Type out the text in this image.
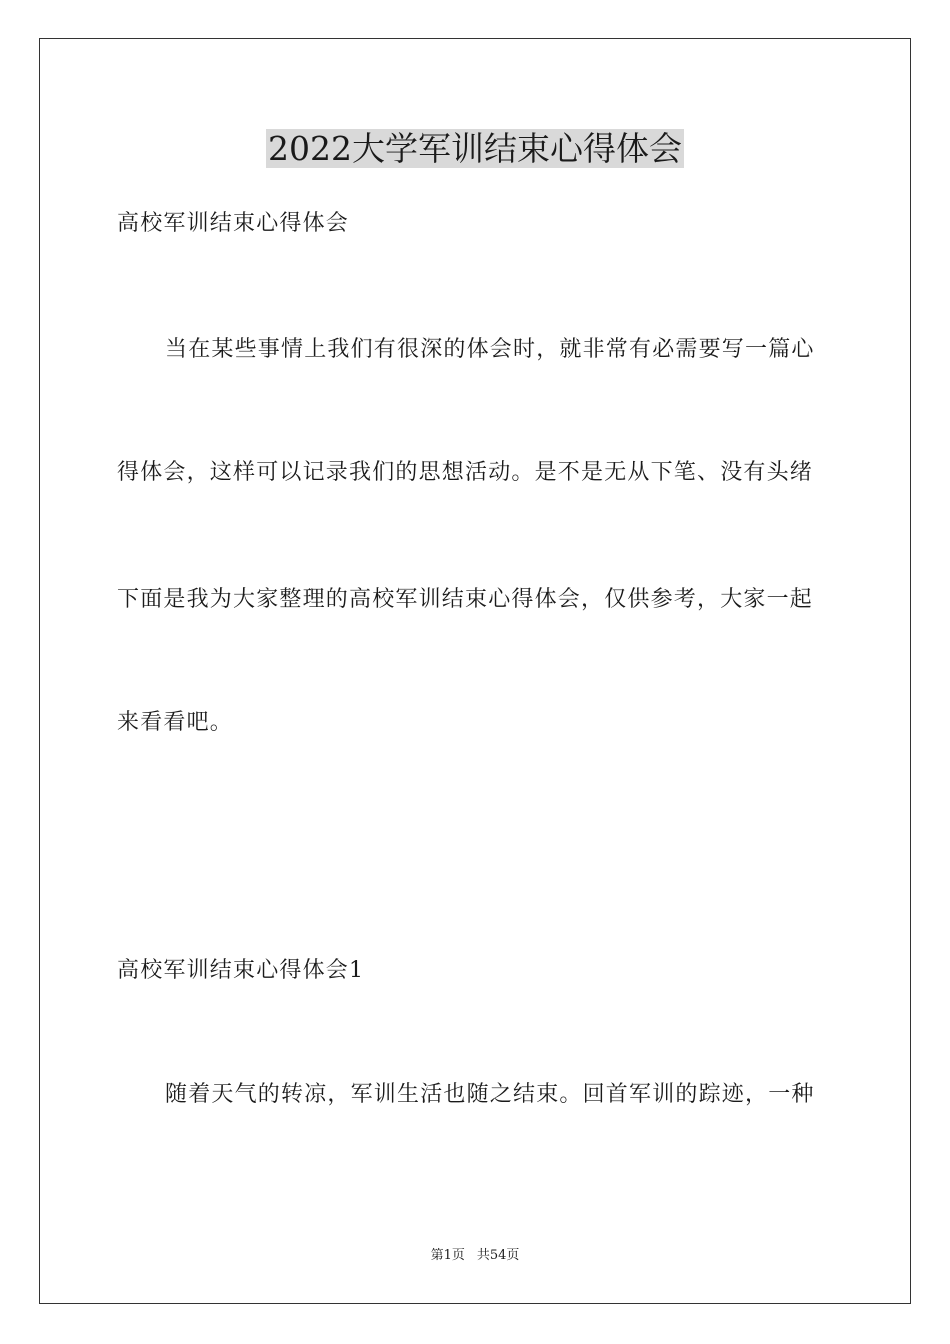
2022大学军训结束心得体会
高校军训结束心得体会
当在某些事情上我们有很深的体会时，就非常有必需要写一篇心
得体会，这样可以记录我们的思想活动。是不是无从下笔、没有头绪
下面是我为大家整理的高校军训结束心得体会，仅供参考，大家一起
来看看吧。
高校军训结束心得体会1
随着天气的转凉，军训生活也随之结束。回首军训的踪迹，一种
第1页 共54页
